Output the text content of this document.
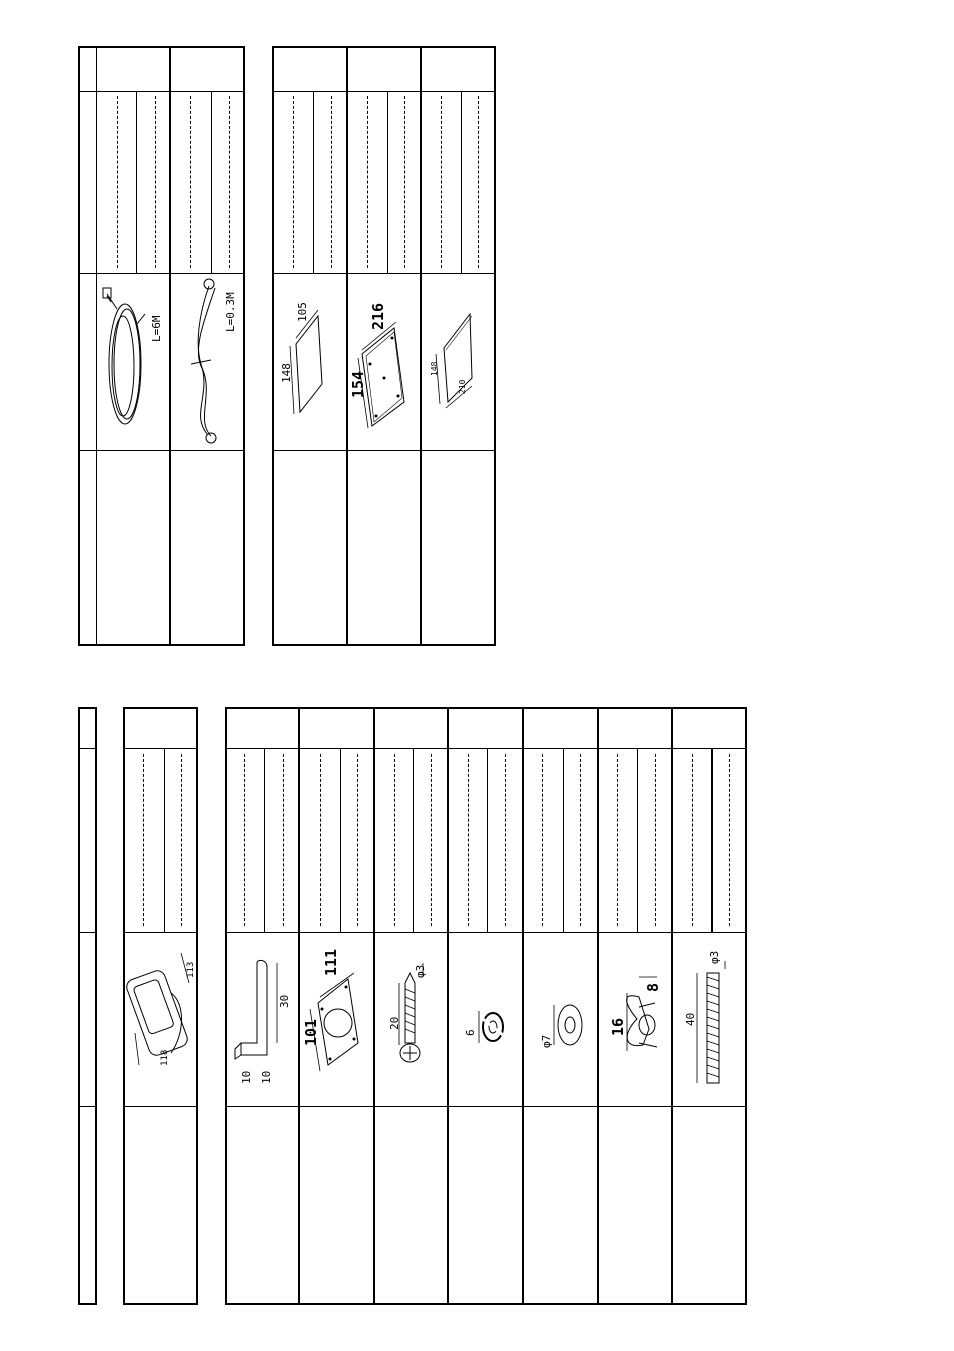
L=6M	L=0.3M
148
105
154
216
148
210
118
113
10 10
30
101
111
20
φ3
6
φ7
16
8
40
φ3
